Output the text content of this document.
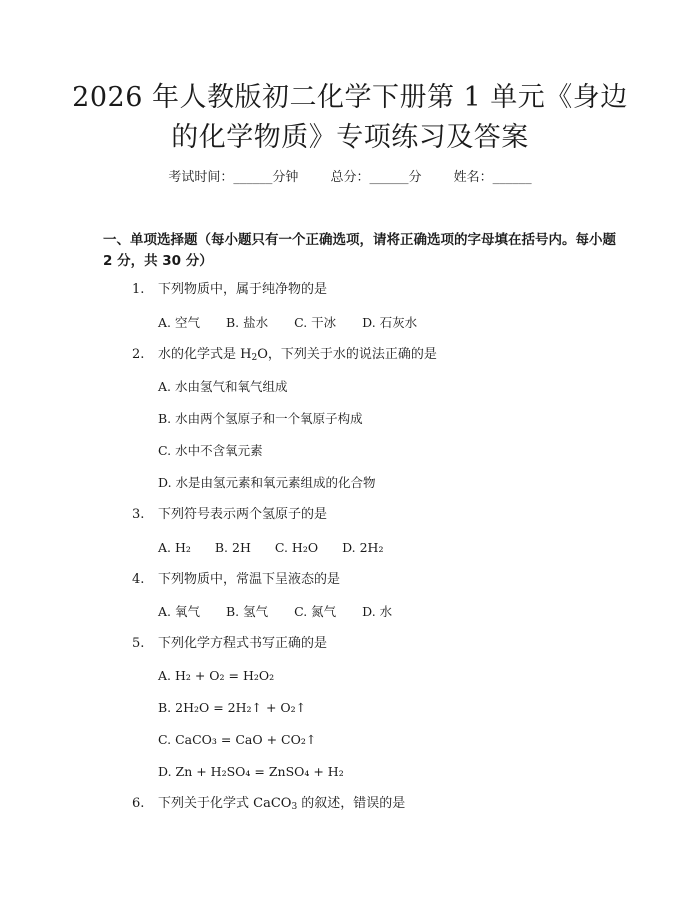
2026 年人教版初二化学下册第 1 单元《身边
的化学物质》专项练习及答案
考试时间：______分钟 总分：______分 姓名：______
一、单项选择题（每小题只有一个正确选项，请将正确选项的字母填在括号内。每小题 2 分，共 30 分）
1. 下列物质中，属于纯净物的是
A. 空气 B. 盐水 C. 干冰 D. 石灰水
2. 水的化学式是 $H_2O$，下列关于水的说法正确的是
A. 水由氢气和氧气组成
B. 水由两个氢原子和一个氧原子构成
C. 水中不含氧元素
D. 水是由氢元素和氧元素组成的化合物
3. 下列符号表示两个氢原子的是
A. H₂ B. 2H C. H₂O D. 2H₂
4. 下列物质中，常温下呈液态的是
A. 氧气 B. 氢气 C. 氮气 D. 水
5. 下列化学方程式书写正确的是
A. H₂ + O₂ = H₂O₂
B. 2H₂O = 2H₂↑ + O₂↑
C. CaCO₃ = CaO + CO₂↑
D. Zn + H₂SO₄ = ZnSO₄ + H₂
6. 下列关于化学式 CaCO$_3$ 的叙述，错误的是
